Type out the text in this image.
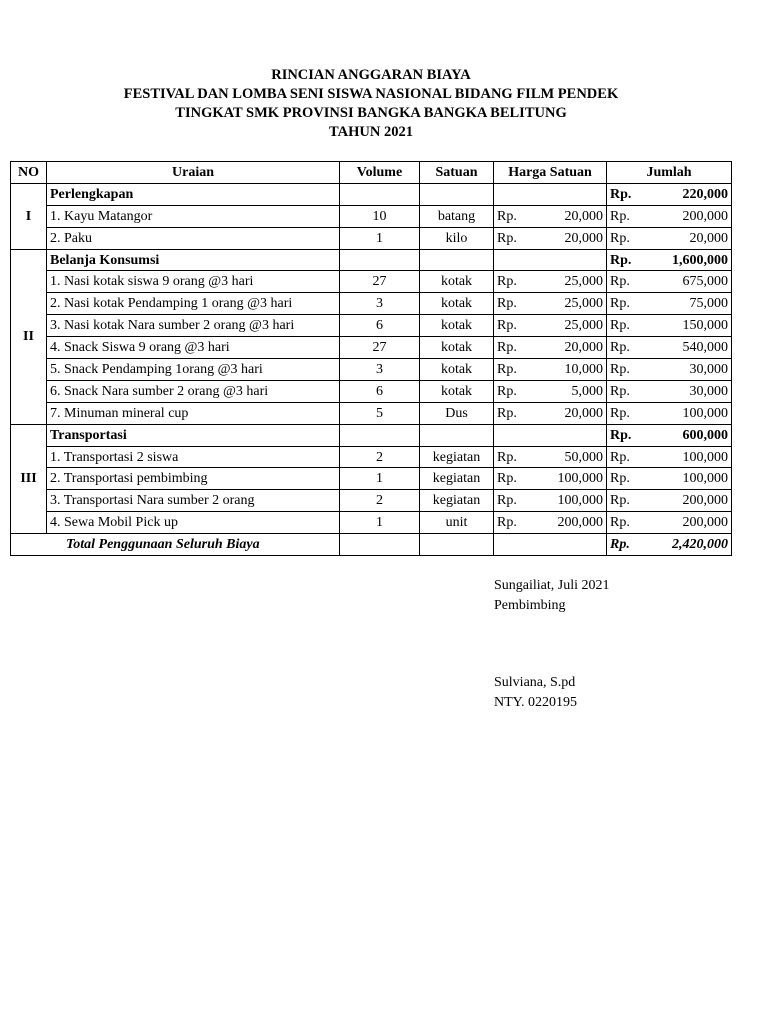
RINCIAN ANGGARAN BIAYA
FESTIVAL DAN LOMBA SENI SISWA NASIONAL BIDANG FILM PENDEK
TINGKAT SMK PROVINSI BANGKA BANGKA BELITUNG
TAHUN 2021
NO	Uraian	Volume	Satuan	Harga Satuan	Jumlah
I	Perlengkapan				Rp. 220,000

	1. Kayu Matangor	10	batang	Rp. 20,000	Rp. 200,000

	2. Paku	1	kilo	Rp. 20,000	Rp. 20,000

II	Belanja Konsumsi				Rp. 1,600,000

	1. Nasi kotak siswa 9 orang @3 hari	27	kotak	Rp. 25,000	Rp. 675,000

	2. Nasi kotak Pendamping 1 orang @3 hari	3	kotak	Rp. 25,000	Rp. 75,000

	3. Nasi kotak Nara sumber 2 orang @3 hari	6	kotak	Rp. 25,000	Rp. 150,000

	4. Snack Siswa 9 orang @3 hari	27	kotak	Rp. 20,000	Rp. 540,000

	5. Snack Pendamping 1orang @3 hari	3	kotak	Rp. 10,000	Rp. 30,000

	6. Snack Nara sumber 2 orang @3 hari	6	kotak	Rp. 5,000	Rp. 30,000

	7. Minuman mineral cup	5	Dus	Rp. 20,000	Rp. 100,000

III	Transportasi				Rp. 600,000

	1. Transportasi 2 siswa	2	kegiatan	Rp. 50,000	Rp. 100,000

	2. Transportasi pembimbing	1	kegiatan	Rp. 100,000	Rp. 100,000

	3. Transportasi Nara sumber 2 orang	2	kegiatan	Rp. 100,000	Rp. 200,000

	4. Sewa Mobil Pick up	1	unit	Rp. 200,000	Rp. 200,000

Total Penggunaan Seluruh Biaya					Rp. 2,420,000
Sungailiat, Juli 2021
Pembimbing
Sulviana, S.pd
NTY. 0220195
